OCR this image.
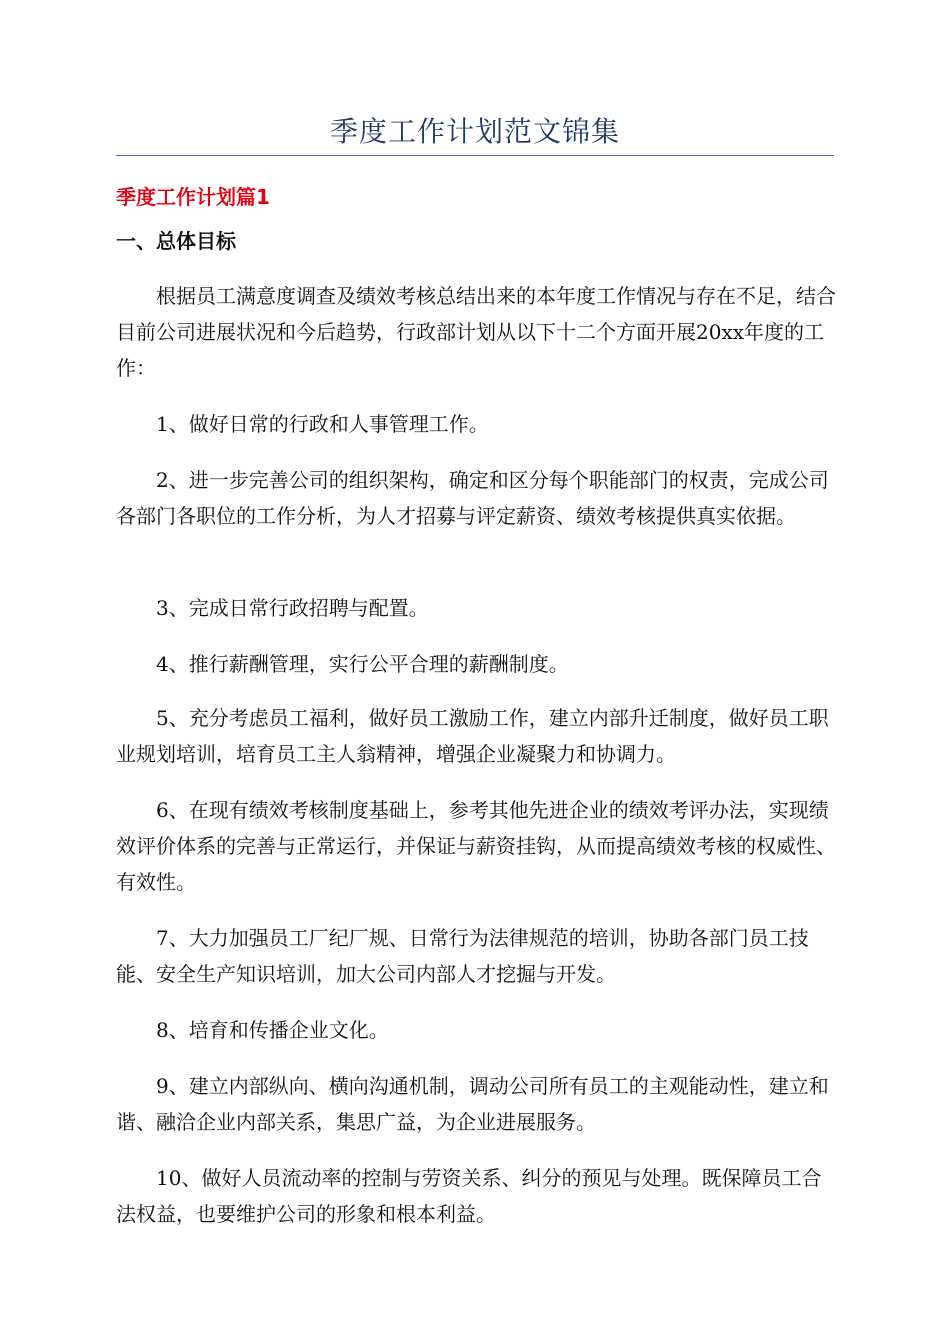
季度工作计划范文锦集
季度工作计划篇1
一、总体目标
根据员工满意度调查及绩效考核总结出来的本年度工作情况与存在不足，结合目前公司进展状况和今后趋势，行政部计划从以下十二个方面开展20xx年度的工作：
1、做好日常的行政和人事管理工作。
2、进一步完善公司的组织架构，确定和区分每个职能部门的权责，完成公司各部门各职位的工作分析，为人才招募与评定薪资、绩效考核提供真实依据。
3、完成日常行政招聘与配置。
4、推行薪酬管理，实行公平合理的薪酬制度。
5、充分考虑员工福利，做好员工激励工作，建立内部升迁制度，做好员工职业规划培训，培育员工主人翁精神，增强企业凝聚力和协调力。
6、在现有绩效考核制度基础上，参考其他先进企业的绩效考评办法，实现绩效评价体系的完善与正常运行，并保证与薪资挂钩，从而提高绩效考核的权威性、有效性。
7、大力加强员工厂纪厂规、日常行为法律规范的培训，协助各部门员工技能、安全生产知识培训，加大公司内部人才挖掘与开发。
8、培育和传播企业文化。
9、建立内部纵向、横向沟通机制，调动公司所有员工的主观能动性，建立和谐、融洽企业内部关系，集思广益，为企业进展服务。
10、做好人员流动率的控制与劳资关系、纠分的预见与处理。既保障员工合法权益，也要维护公司的形象和根本利益。
